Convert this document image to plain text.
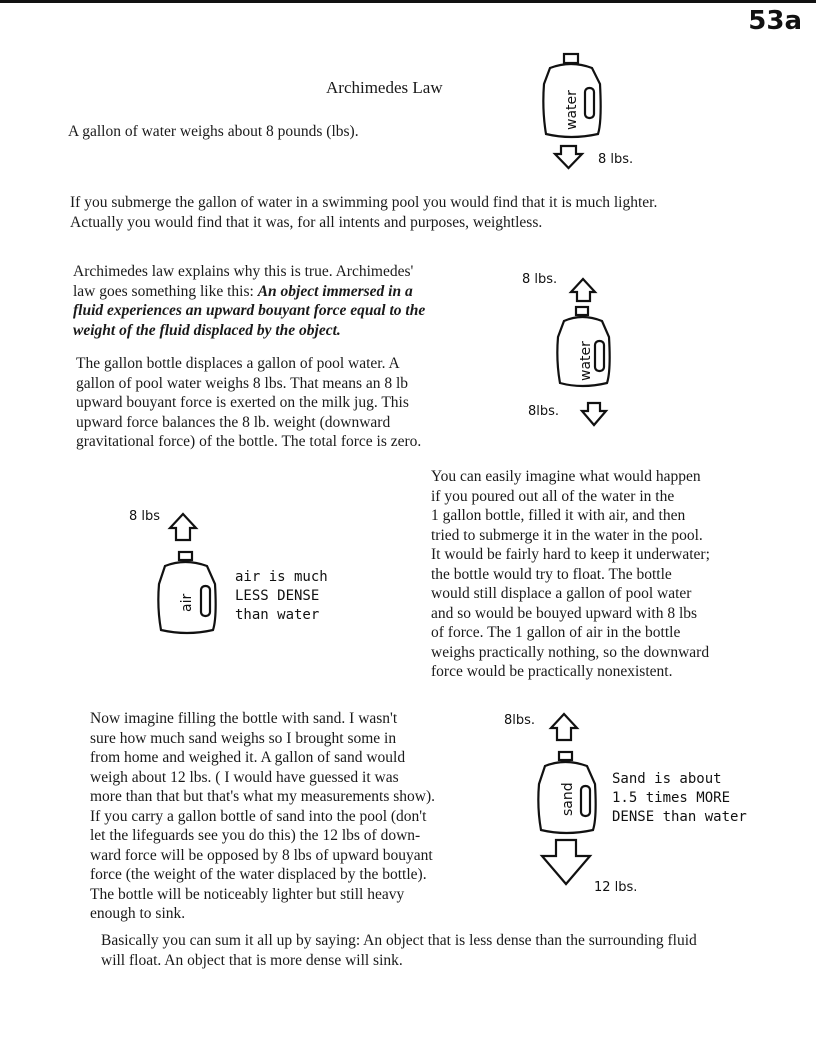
53a
Archimedes Law

A gallon of water weighs about 8 pounds (lbs).

If you submerge the gallon of water in a swimming pool you would find that it is much lighter.
Actually you would find that it was, for all intents and purposes, weightless.

Archimedes law explains why this is true. Archimedes'
law goes something like this: An object immersed in a
fluid experiences an upward bouyant force equal to the
weight of the fluid displaced by the object.

The gallon bottle displaces a gallon of pool water. A
gallon of pool water weighs 8 lbs. That means an 8 lb
upward bouyant force is exerted on the milk jug. This
upward force balances the 8 lb. weight (downward
gravitational force) of the bottle. The total force is zero.

You can easily imagine what would happen
if you poured out all of the water in the
1 gallon bottle, filled it with air, and then
tried to submerge it in the water in the pool.
It would be fairly hard to keep it underwater;
the bottle would try to float. The bottle
would still displace a gallon of pool water
and so would be bouyed upward with 8 lbs
of force. The 1 gallon of air in the bottle
weighs practically nothing, so the downward
force would be practically nonexistent.

Now imagine filling the bottle with sand. I wasn't
sure how much sand weighs so I brought some in
from home and weighed it. A gallon of sand would
weigh about 12 lbs. ( I would have guessed it was
more than that but that's what my measurements show).
If you carry a gallon bottle of sand into the pool (don't
let the lifeguards see you do this) the 12 lbs of down-
ward force will be opposed by 8 lbs of upward bouyant
force (the weight of the water displaced by the bottle).
The bottle will be noticeably lighter but still heavy
enough to sink.

Basically you can sum it all up by saying: An object that is less dense than the surrounding fluid
will float. An object that is more dense will sink.

water
8 lbs.
8 lbs.
water
8lbs.
8 lbs
air
air is much
LESS DENSE
than water
8lbs.
sand
12 lbs.
Sand is about
1.5 times MORE
DENSE than water
